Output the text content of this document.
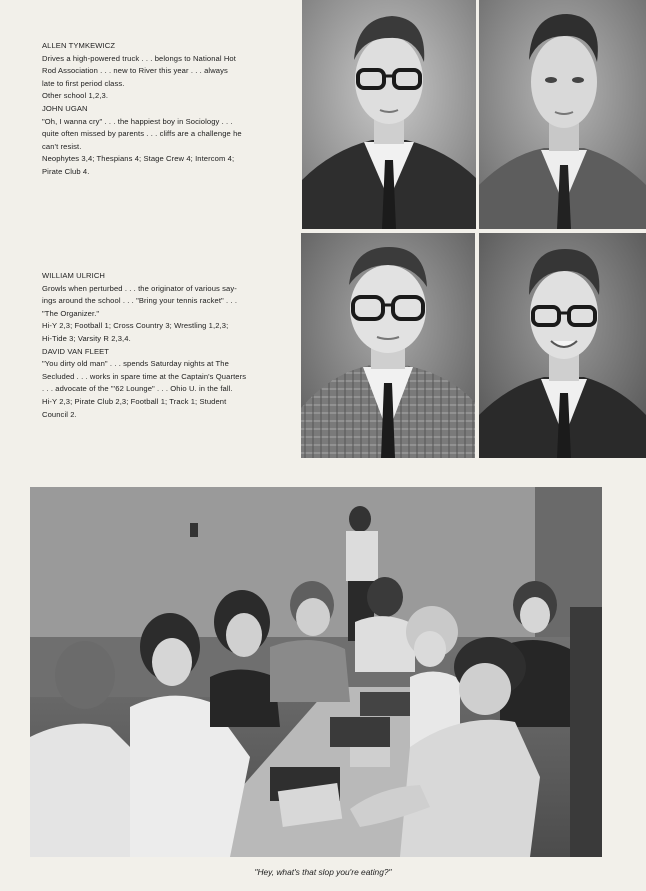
ALLEN TYMKEWICZ
Drives a high-powered truck . . . belongs to National Hot
Rod Association . . . new to River this year . . . always
late to first period class.
Other school 1,2,3.
JOHN UGAN
"Oh, I wanna cry" . . . the happiest boy in Sociology . . .
quite often missed by parents . . . cliffs are a challenge he
can't resist.
Neophytes 3,4; Thespians 4; Stage Crew 4; Intercom 4;
Pirate Club 4.
WILLIAM ULRICH
Growls when perturbed . . . the originator of various say-
ings around the school . . . "Bring your tennis racket" . . .
"The Organizer."
Hi-Y 2,3; Football 1; Cross Country 3; Wrestling 1,2,3;
Hi-Tide 3; Varsity R 2,3,4.
DAVID VAN FLEET
"You dirty old man" . . . spends Saturday nights at The
Secluded . . . works in spare time at the Captain's Quarters
. . . advocate of the "'62 Lounge" . . . Ohio U. in the fall.
Hi-Y 2,3; Pirate Club 2,3; Football 1; Track 1; Student
Council 2.
"Hey, what's that slop you're eating?"
